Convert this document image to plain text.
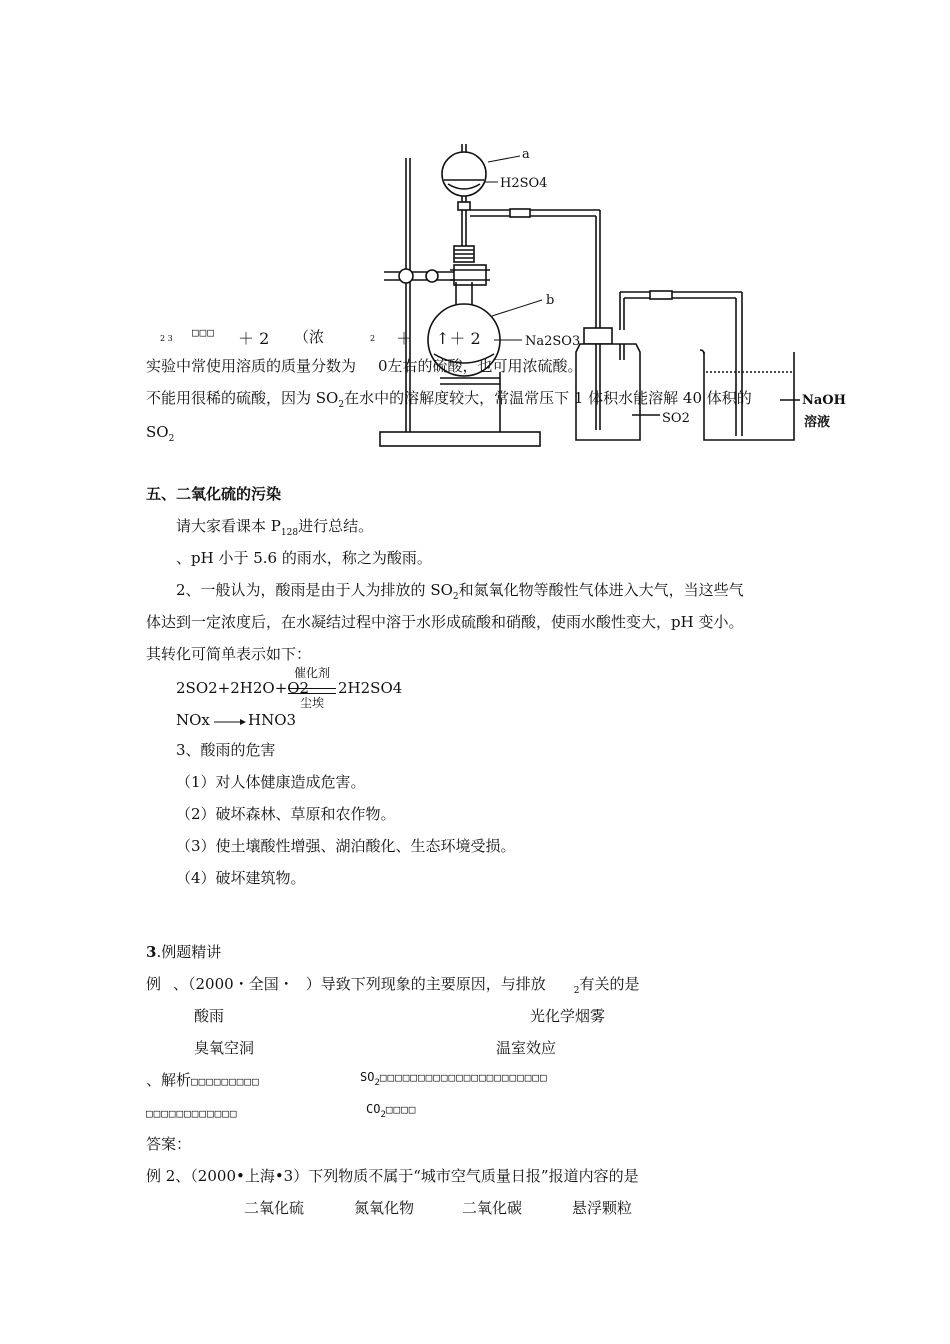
a
H2SO4
b
Na2SO3
SO2
NaOH
溶液
2 3 □□□ ＋ 2 （浓	2 ＋ ↑＋ 2
实验中常使用溶质的质量分数为 0左右的硫酸，也可用浓硫酸。
不能用很稀的硫酸，因为 $SO_2$在水中的溶解度较大，常温常压下 1 体积水能溶解 40 体积的
$SO_2$
五、二氧化硫的污染
请大家看课本 $P_{128}$进行总结。
、pH 小于 5.6 的雨水，称之为酸雨。
2、一般认为，酸雨是由于人为排放的 $SO_2$和氮氧化物等酸性气体进入大气，当这些气
体达到一定浓度后，在水凝结过程中溶于水形成硫酸和硝酸，使雨水酸性变大，pH 变小。
其转化可简单表示如下：
2SO2+2H2O+O2
催化剂
尘埃
2H2SO4
NOx	HNO3
3、酸雨的危害
（1）对人体健康造成危害。
（2）破坏森林、草原和农作物。
（3）使土壤酸性增强、湖泊酸化、生态环境受损。
（4）破坏建筑物。
3.例题精讲
例 、（2000・全国・ ）导致下列现象的主要原因，与排放	$_2$有关的是
酸雨	光化学烟雾
臭氧空洞	温室效应
、解析□□□□□□□□□	$SO_2□□□□□□□□□□□□□□□□□□□□□□$
□□□□□□□□□□□□	$CO_2□□□□$
答案：
例 2、（2000•上海•3）下列物质不属于“城市空气质量日报”报道内容的是
二氧化硫	氮氧化物	二氧化碳	悬浮颗粒
